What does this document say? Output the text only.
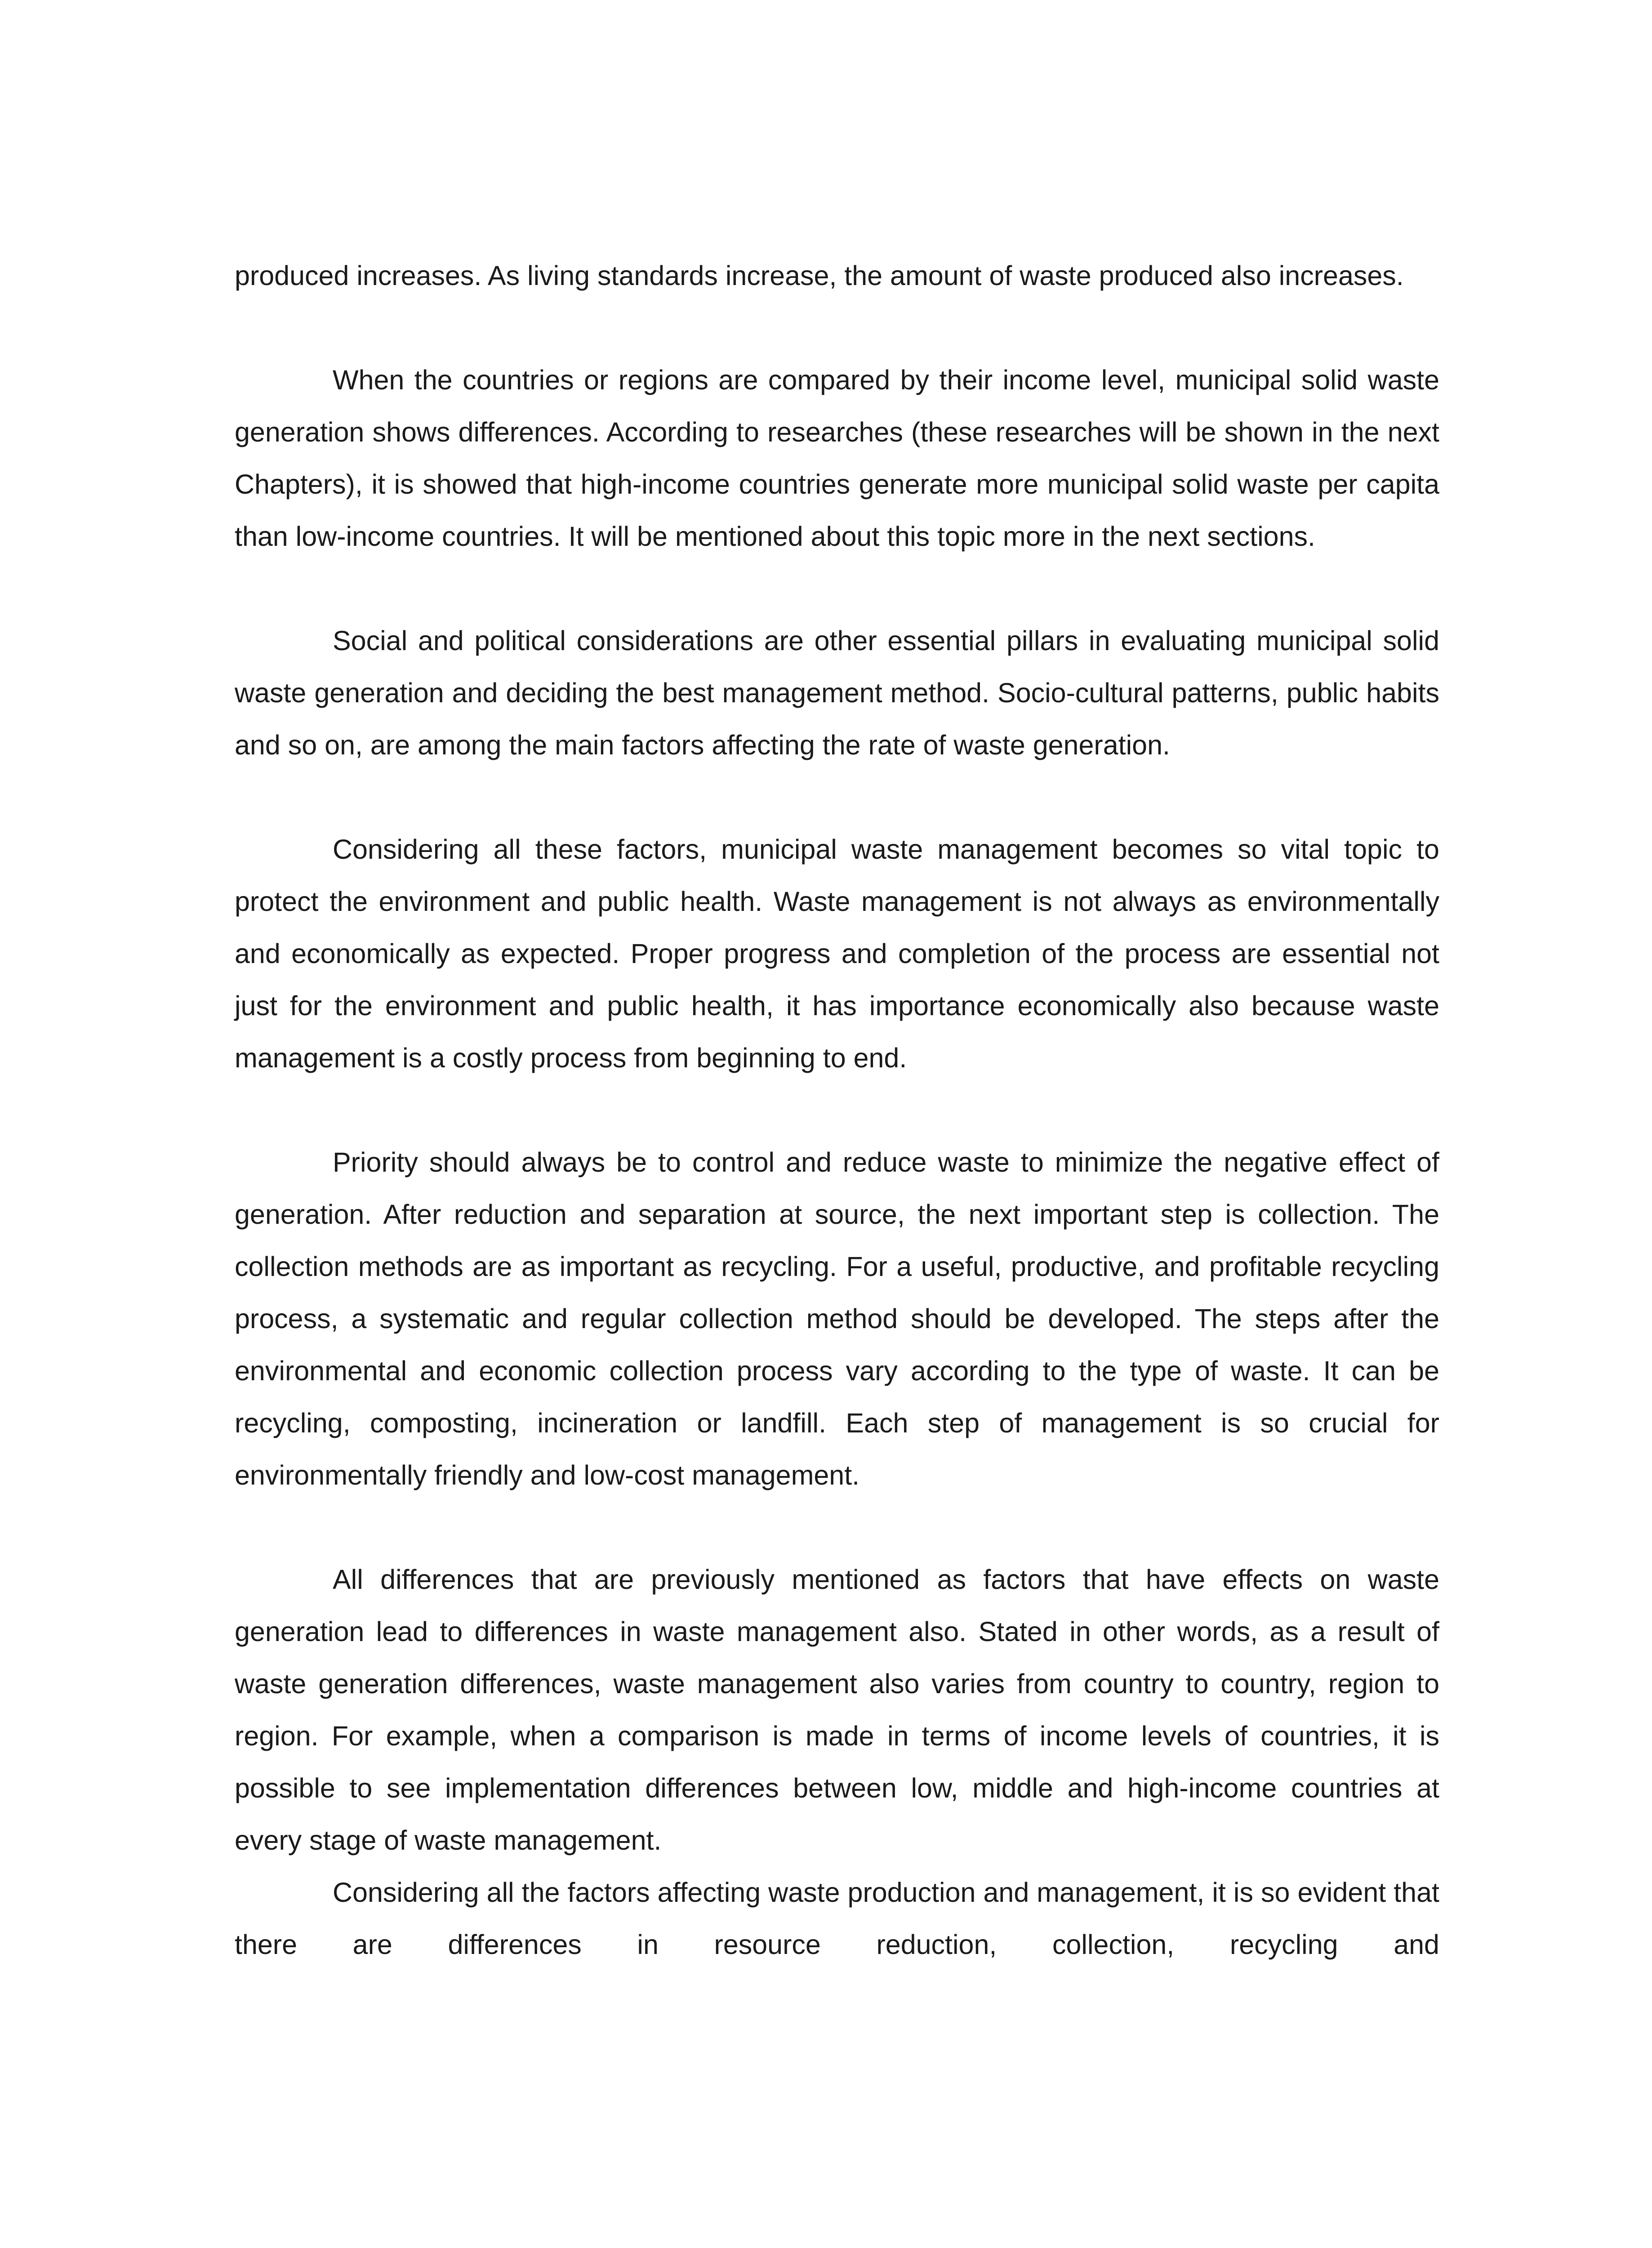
produced increases. As living standards increase, the amount of waste produced also increases.

When the countries or regions are compared by their income level, municipal solid waste generation shows differences. According to researches (these researches will be shown in the next Chapters), it is showed that high-income countries generate more municipal solid waste per capita than low-income countries. It will be mentioned about this topic more in the next sections.

Social and political considerations are other essential pillars in evaluating municipal solid waste generation and deciding the best management method. Socio-cultural patterns, public habits and so on, are among the main factors affecting the rate of waste generation.

Considering all these factors, municipal waste management becomes so vital topic to protect the environment and public health. Waste management is not always as environmentally and economically as expected. Proper progress and completion of the process are essential not just for the environment and public health, it has importance economically also because waste management is a costly process from beginning to end.

Priority should always be to control and reduce waste to minimize the negative effect of generation. After reduction and separation at source, the next important step is collection. The collection methods are as important as recycling. For a useful, productive, and profitable recycling process, a systematic and regular collection method should be developed. The steps after the environmental and economic collection process vary according to the type of waste. It can be recycling, composting, incineration or landfill. Each step of management is so crucial for environmentally friendly and low-cost management.

All differences that are previously mentioned as factors that have effects on waste generation lead to differences in waste management also. Stated in other words, as a result of waste generation differences, waste management also varies from country to country, region to region. For example, when a comparison is made in terms of income levels of countries, it is possible to see implementation differences between low, middle and high-income countries at every stage of waste management.

Considering all the factors affecting waste production and management, it is so evident that there are differences in resource reduction, collection, recycling and
